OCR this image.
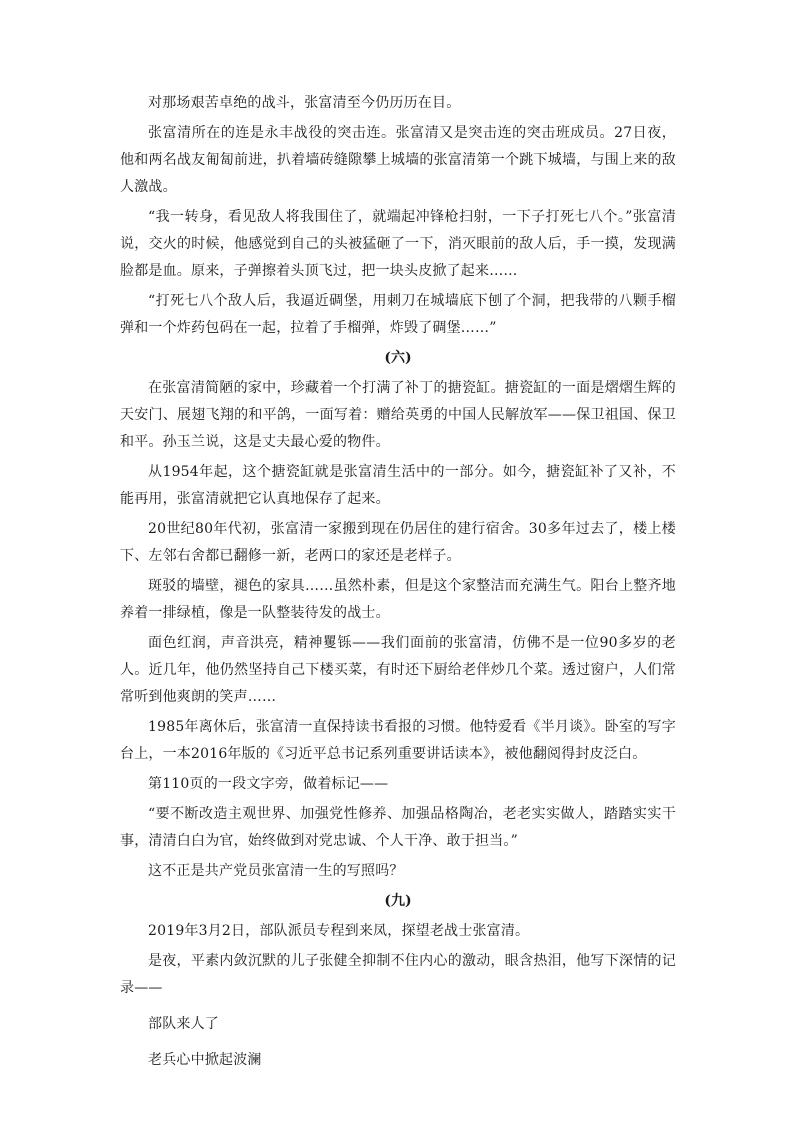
对那场艰苦卓绝的战斗，张富清至今仍历历在目。

张富清所在的连是永丰战役的突击连。张富清又是突击连的突击班成员。27日夜，他和两名战友匍匐前进，扒着墙砖缝隙攀上城墙的张富清第一个跳下城墙，与围上来的敌人激战。

“我一转身，看见敌人将我围住了，就端起冲锋枪扫射，一下子打死七八个。”张富清说，交火的时候，他感觉到自己的头被猛砸了一下，消灭眼前的敌人后，手一摸，发现满脸都是血。原来，子弹擦着头顶飞过，把一块头皮掀了起来……

“打死七八个敌人后，我逼近碉堡，用刺刀在城墙底下刨了个洞，把我带的八颗手榴弹和一个炸药包码在一起，拉着了手榴弹，炸毁了碉堡……”

(六)

在张富清简陋的家中，珍藏着一个打满了补丁的搪瓷缸。搪瓷缸的一面是熠熠生辉的天安门、展翅飞翔的和平鸽，一面写着：赠给英勇的中国人民解放军——保卫祖国、保卫和平。孙玉兰说，这是丈夫最心爱的物件。

从1954年起，这个搪瓷缸就是张富清生活中的一部分。如今，搪瓷缸补了又补，不能再用，张富清就把它认真地保存了起来。

20世纪80年代初，张富清一家搬到现在仍居住的建行宿舍。30多年过去了，楼上楼下、左邻右舍都已翻修一新，老两口的家还是老样子。

斑驳的墙壁，褪色的家具……虽然朴素，但是这个家整洁而充满生气。阳台上整齐地养着一排绿植，像是一队整装待发的战士。

面色红润，声音洪亮，精神矍铄——我们面前的张富清，仿佛不是一位90多岁的老人。近几年，他仍然坚持自己下楼买菜，有时还下厨给老伴炒几个菜。透过窗户，人们常常听到他爽朗的笑声……

1985年离休后，张富清一直保持读书看报的习惯。他特爱看《半月谈》。卧室的写字台上，一本2016年版的《习近平总书记系列重要讲话读本》，被他翻阅得封皮泛白。

第110页的一段文字旁，做着标记——

“要不断改造主观世界、加强党性修养、加强品格陶冶，老老实实做人，踏踏实实干事，清清白白为官，始终做到对党忠诚、个人干净、敢于担当。”

这不正是共产党员张富清一生的写照吗？

(九)

2019年3月2日，部队派员专程到来凤，探望老战士张富清。

是夜，平素内敛沉默的儿子张健全抑制不住内心的激动，眼含热泪，他写下深情的记录——

部队来人了

老兵心中掀起波澜
